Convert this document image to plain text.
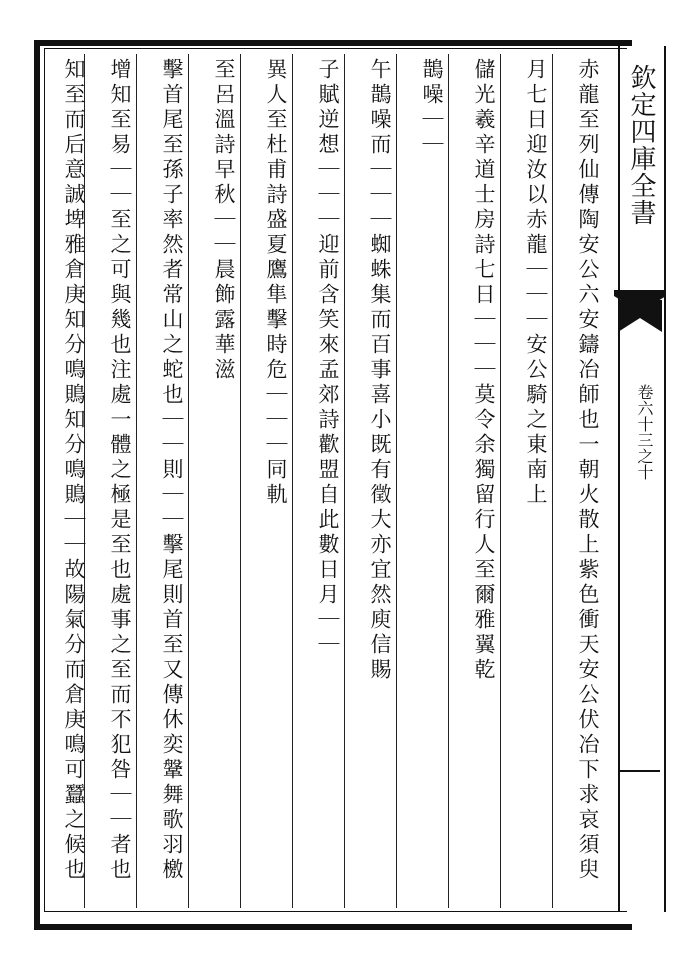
欽定四庫全書
卷六十三之十
赤龍至列仙傳陶安公六安鑄冶師也一朝火散上紫色衝天安公伏冶下求哀須臾
月七日迎汝以赤龍｜｜｜安公騎之東南上
儲光羲辛道士房詩七日｜｜｜莫令余獨留行人至爾雅翼乾
鵲噪｜｜
午鵲噪而｜｜｜蜘蛛集而百事喜小既有徵大亦宜然庾信賜
子賦逆想｜｜｜迎前含笑來孟郊詩歡盟自此數日月｜｜
異人至杜甫詩盛夏鷹隼擊時危｜｜｜同軌
至呂溫詩早秋｜｜晨飾露華滋
擊首尾至孫子率然者常山之蛇也｜｜則｜｜擊尾則首至又傳休奕鞶舞歌羽檄
增知至易｜｜至之可與幾也注處一體之極是至也處事之至而不犯咎｜｜者也
知至而后意誠埤雅倉庚知分鳴鵙知分鳴鵙｜｜故陽氣分而倉庚鳴可蠶之候也
